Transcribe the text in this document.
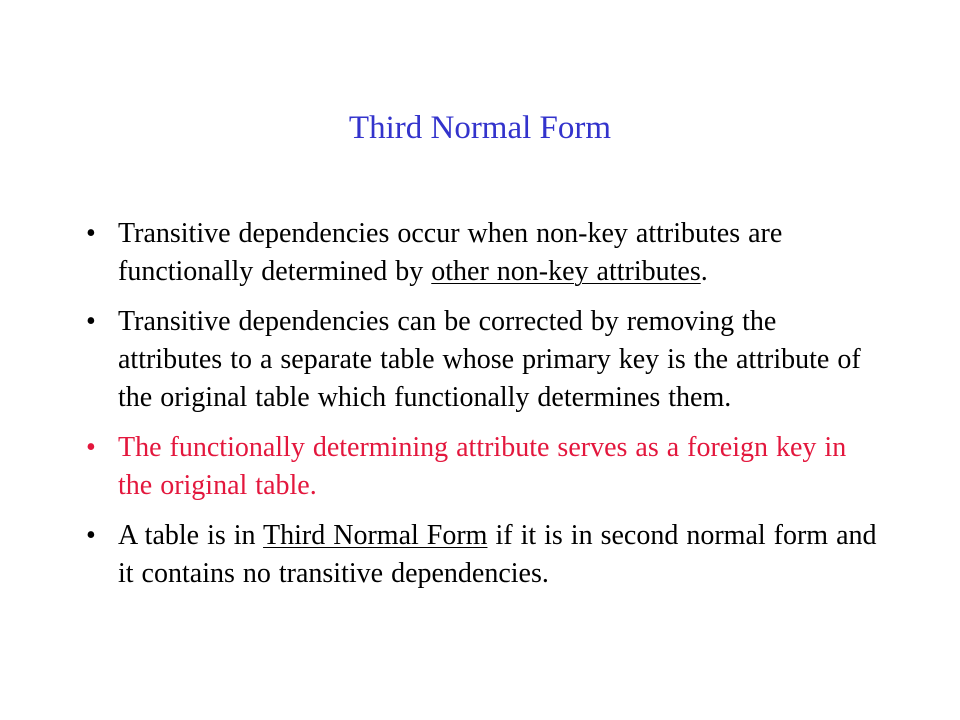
Third Normal Form
• Transitive dependencies occur when non-key attributes are functionally determined by other non-key attributes.
• Transitive dependencies can be corrected by removing the attributes to a separate table whose primary key is the attribute of the original table which functionally determines them.
• The functionally determining attribute serves as a foreign key in the original table.
• A table is in Third Normal Form if it is in second normal form and it contains no transitive dependencies.
